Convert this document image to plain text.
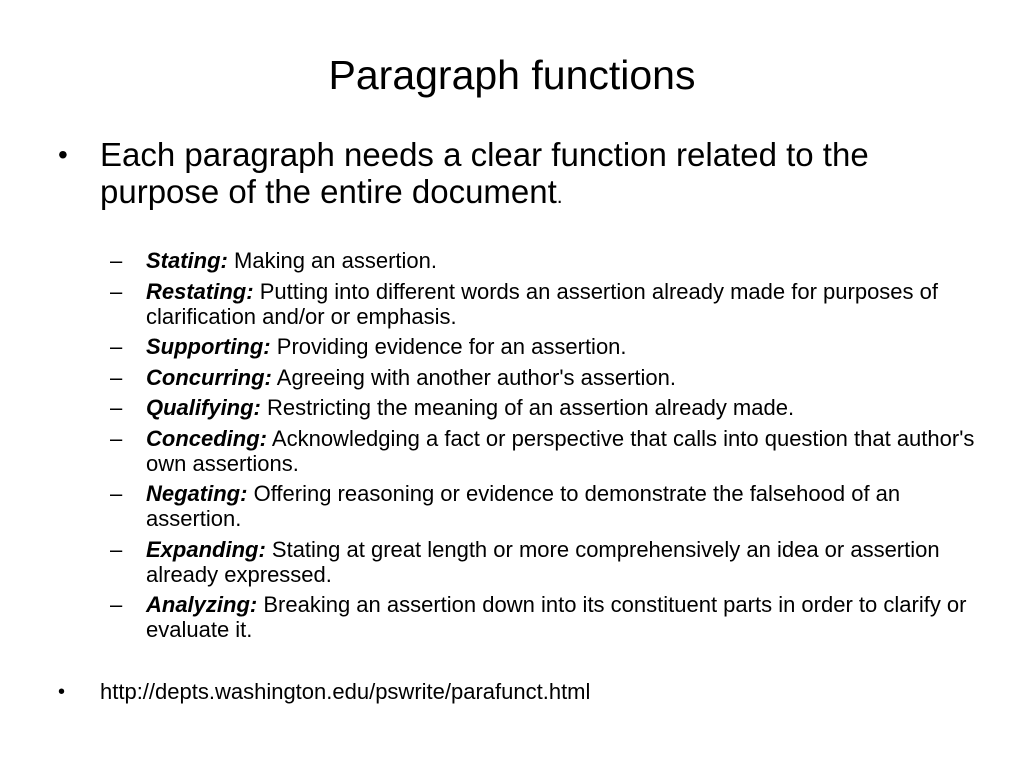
Paragraph functions
• Each paragraph needs a clear function related to the purpose of the entire document.
–	Stating: Making an assertion.
–	Restating: Putting into different words an assertion already made for purposes of clarification and/or or emphasis.
–	Supporting: Providing evidence for an assertion.
–	Concurring: Agreeing with another author's assertion.
–	Qualifying: Restricting the meaning of an assertion already made.
–	Conceding: Acknowledging a fact or perspective that calls into question that author's own assertions.
–	Negating: Offering reasoning or evidence to demonstrate the falsehood of an assertion.
–	Expanding: Stating at great length or more comprehensively an idea or assertion already expressed.
–	Analyzing: Breaking an assertion down into its constituent parts in order to clarify or evaluate it.
•	http://depts.washington.edu/pswrite/parafunct.html
